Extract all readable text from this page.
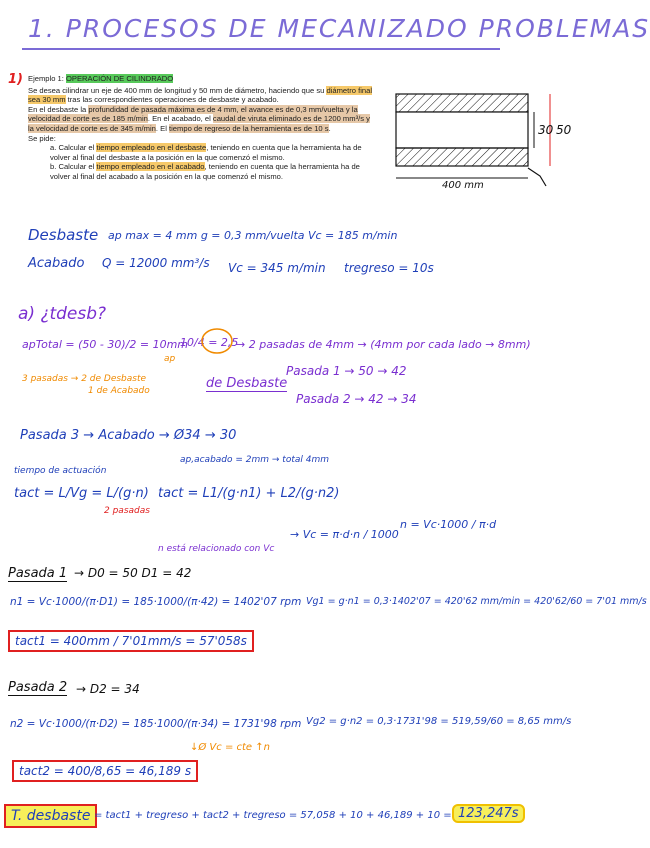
1. PROCESOS DE MECANIZADO PROBLEMAS
1) Ejemplo 1: OPERACIÓN DE CILINDRADO

Se desea cilindrar un eje de 400 mm de longitud y 50 mm de diámetro, haciendo que su diámetro final sea 30 mm tras las correspondientes operaciones de desbaste y acabado.

En el desbaste la profundidad de pasada máxima es de 4 mm, el avance es de 0,3 mm/vuelta y la velocidad de corte es de 185 m/min. En el acabado, el caudal de viruta eliminado es de 1200 mm³/s y la velocidad de corte es de 345 m/min. El tiempo de regreso de la herramienta es de 10 s.

Se pide:

a. Calcular el tiempo empleado en el desbaste, teniendo en cuenta que la herramienta ha de volver al final del desbaste a la posición en la que comenzó el mismo.
b. Calcular el tiempo empleado en el acabado, teniendo en cuenta que la herramienta ha de volver al final del acabado a la posición en la que comenzó el mismo.
30 50
400 mm
Desbaste ap max = 4 mm g = 0,3 mm/vuelta Vc = 185 m/min
Acabado Q = 12000 mm³/s Vc = 345 m/min tregreso = 10s
a) ¿tdesb?
apTotal = (50 - 30)/2 = 10mm
10/4 = 2,5
ap
→ 2 pasadas de 4mm → (4mm por cada lado → 8mm)
3 pasadas → 2 de Desbaste
1 de Acabado	de Desbaste
Pasada 1 → 50 → 42
Pasada 2 → 42 → 34
Pasada 3 → Acabado → Ø34 → 30
ap,acabado = 2mm → total 4mm
tiempo de actuación
tact = L/Vg = L/(g·n)
2 pasadas
tact = L1/(g·n1) + L2/(g·n2)
n está relacionado con Vc
→ Vc = π·d·n / 1000
n = Vc·1000 / π·d
Pasada 1 → D0 = 50 D1 = 42
n1 = Vc·1000/(π·D1) = 185·1000/(π·42) = 1402'07 rpm Vg1 = g·n1 = 0,3·1402'07 = 420'62 mm/min = 420'62/60 = 7'01 mm/s
tact1 = 400mm / 7'01mm/s = 57'058s
Pasada 2 → D2 = 34
n2 = Vc·1000/(π·D2) = 185·1000/(π·34) = 1731'98 rpm Vg2 = g·n2 = 0,3·1731'98 = 519,59/60 = 8,65 mm/s
↓Ø Vc = cte ↑n
tact2 = 400/8,65 = 46,189 s
T. desbaste = tact1 + tregreso + tact2 + tregreso = 57,058 + 10 + 46,189 + 10 = 123,247s
